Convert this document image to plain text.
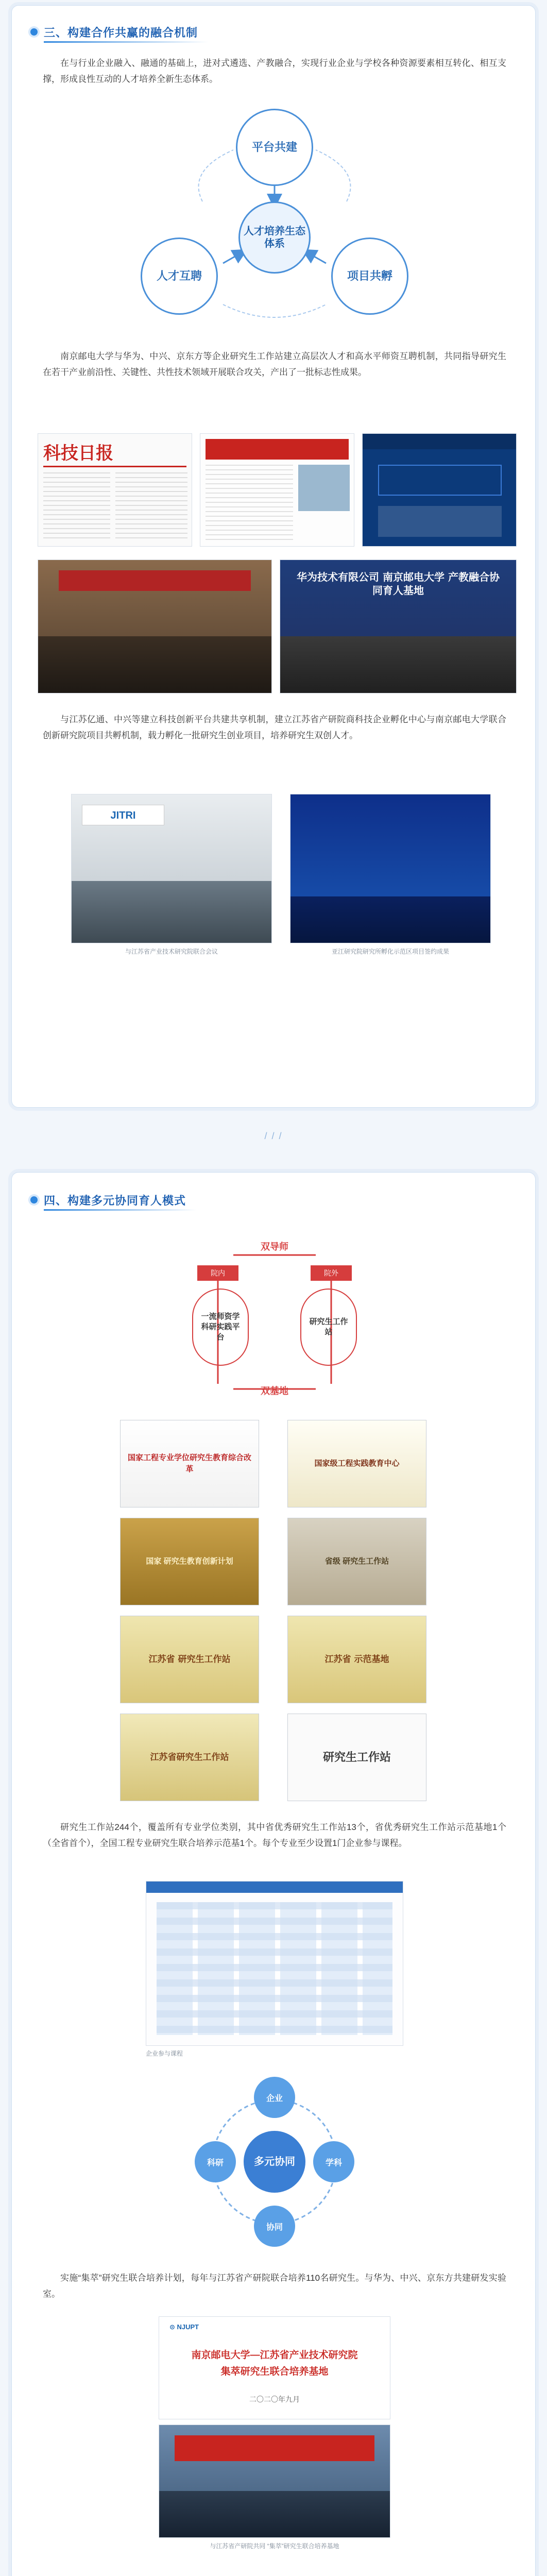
三、构建合作共赢的融合机制

在与行业企业融入、融通的基础上，进对式遴选、产教融合，实现行业企业与学校各种资源要素相互转化、相互支撑，形成良性互动的人才培养全新生态体系。

平台共建
人才培养生态体系
人才互聘	项目共孵

南京邮电大学与华为、中兴、京东方等企业研究生工作站建立高层次人才和高水平师资互聘机制，共同指导研究生在若干产业前沿性、关键性、共性技术领域开展联合攻关，产出了一批标志性成果。

科技日报
华为技术有限公司 南京邮电大学 产教融合协同育人基地

与江苏亿通、中兴等建立科技创新平台共建共享机制，建立江苏省产研院商科技企业孵化中心与南京邮电大学联合创新研究院项目共孵机制，载力孵化一批研究生创业项目，培养研究生双创人才。

JITRI
与江苏省产业技术研究院联合会议	亚江研究院研究所孵化示范区项目签约成果
/ / /
四、构建多元协同育人模式
双导师
院内	院外
一流师资学科研实践平台
研究生工作站
双基地
国家工程专业学位研究生教育综合改革
国家级工程实践教育中心
国家 研究生教育创新计划	省级 研究生工作站
江苏省 研究生工作站	江苏省 示范基地
江苏省研究生工作站	研究生工作站

研究生工作站244个，覆盖所有专业学位类别，其中省优秀研究生工作站13个，省优秀研究生工作站示范基地1个（全省首个），全国工程专业研究生联合培养示范基1个。每个专业至少设置1门企业参与课程。

企业参与课程
多元协同
企业
科研	学科
协同

实施“集萃”研究生联合培养计划，每年与江苏省产研院联合培养110名研究生。与华为、中兴、京东方共建研发实验室。

⊙ NJUPT
南京邮电大学—江苏省产业技术研究院
集萃研究生联合培养基地
二〇二〇年九月
与江苏省产研院共同 “集萃”研究生联合培养基地
